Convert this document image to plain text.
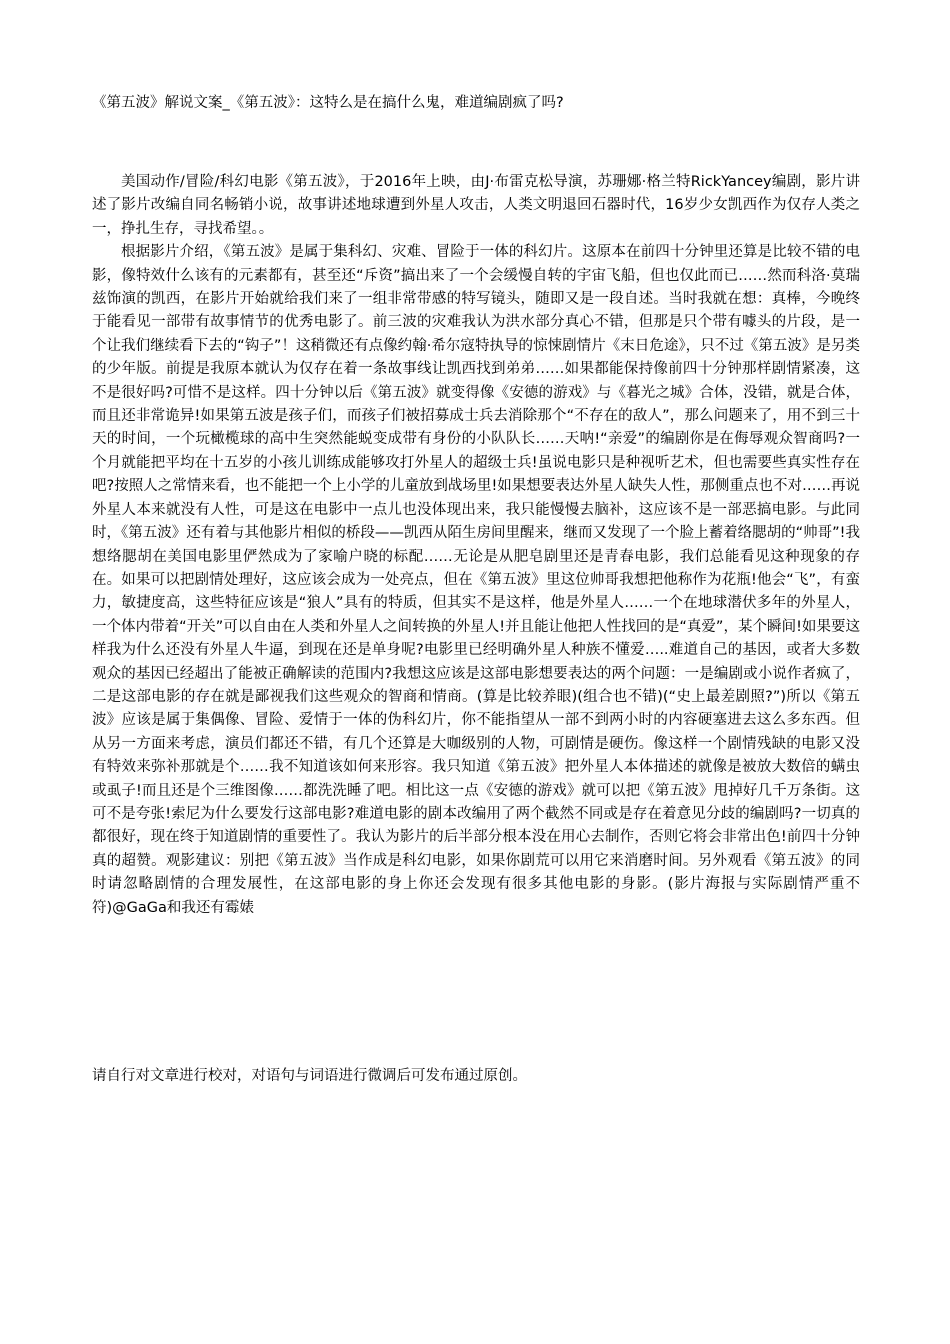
《第五波》解说文案_《第五波》：这特么是在搞什么鬼，难道编剧疯了吗?

美国动作/冒险/科幻电影《第五波》，于2016年上映，由J·布雷克松导演，苏珊娜·格兰特RickYancey编剧，影片讲述了影片改编自同名畅销小说，故事讲述地球遭到外星人攻击，人类文明退回石器时代，16岁少女凯西作为仅存人类之一，挣扎生存，寻找希望。。

根据影片介绍，《第五波》是属于集科幻、灾难、冒险于一体的科幻片。这原本在前四十分钟里还算是比较不错的电影，像特效什么该有的元素都有，甚至还“斥资”搞出来了一个会缓慢自转的宇宙飞船，但也仅此而已……然而科洛·莫瑞兹饰演的凯西，在影片开始就给我们来了一组非常带感的特写镜头，随即又是一段自述。当时我就在想：真棒，今晚终于能看见一部带有故事情节的优秀电影了。前三波的灾难我认为洪水部分真心不错，但那是只个带有噱头的片段，是一个让我们继续看下去的“钩子”！这稍微还有点像约翰·希尔寇特执导的惊悚剧情片《末日危途》，只不过《第五波》是另类的少年版。前提是我原本就认为仅存在着一条故事线让凯西找到弟弟……如果都能保持像前四十分钟那样剧情紧凑，这不是很好吗?可惜不是这样。四十分钟以后《第五波》就变得像《安德的游戏》与《暮光之城》合体，没错，就是合体，而且还非常诡异!如果第五波是孩子们，而孩子们被招募成士兵去消除那个“不存在的敌人”，那么问题来了，用不到三十天的时间，一个玩橄榄球的高中生突然能蜕变成带有身份的小队队长……天呐!“亲爱”的编剧你是在侮辱观众智商吗?一个月就能把平均在十五岁的小孩儿训练成能够攻打外星人的超级士兵!虽说电影只是种视听艺术，但也需要些真实性存在吧?按照人之常情来看，也不能把一个上小学的儿童放到战场里!如果想要表达外星人缺失人性，那侧重点也不对……再说外星人本来就没有人性，可是这在电影中一点儿也没体现出来，我只能慢慢去脑补，这应该不是一部恶搞电影。与此同时，《第五波》还有着与其他影片相似的桥段——凯西从陌生房间里醒来，继而又发现了一个脸上蓄着络腮胡的“帅哥”!我想络腮胡在美国电影里俨然成为了家喻户晓的标配……无论是从肥皂剧里还是青春电影，我们总能看见这种现象的存在。如果可以把剧情处理好，这应该会成为一处亮点，但在《第五波》里这位帅哥我想把他称作为花瓶!他会“飞”，有蛮力，敏捷度高，这些特征应该是“狼人”具有的特质，但其实不是这样，他是外星人……一个在地球潜伏多年的外星人，一个体内带着“开关”可以自由在人类和外星人之间转换的外星人!并且能让他把人性找回的是“真爱”，某个瞬间!如果要这样我为什么还没有外星人牛逼，到现在还是单身呢?电影里已经明确外星人种族不懂爱…..难道自己的基因，或者大多数观众的基因已经超出了能被正确解读的范围内?我想这应该是这部电影想要表达的两个问题：一是编剧或小说作者疯了，二是这部电影的存在就是鄙视我们这些观众的智商和情商。(算是比较养眼)(组合也不错)(“史上最差剧照?”)所以《第五波》应该是属于集偶像、冒险、爱情于一体的伪科幻片，你不能指望从一部不到两小时的内容硬塞进去这么多东西。但从另一方面来考虑，演员们都还不错，有几个还算是大咖级别的人物，可剧情是硬伤。像这样一个剧情残缺的电影又没有特效来弥补那就是个……我不知道该如何来形容。我只知道《第五波》把外星人本体描述的就像是被放大数倍的螨虫或虱子!而且还是个三维图像……都洗洗睡了吧。相比这一点《安德的游戏》就可以把《第五波》甩掉好几千万条街。这可不是夸张!索尼为什么要发行这部电影?难道电影的剧本改编用了两个截然不同或是存在着意见分歧的编剧吗?一切真的都很好，现在终于知道剧情的重要性了。我认为影片的后半部分根本没在用心去制作，否则它将会非常出色!前四十分钟真的超赞。观影建议：别把《第五波》当作成是科幻电影，如果你剧荒可以用它来消磨时间。另外观看《第五波》的同时请忽略剧情的合理发展性，在这部电影的身上你还会发现有很多其他电影的身影。(影片海报与实际剧情严重不符)@GaGa和我还有霉婊

请自行对文章进行校对，对语句与词语进行微调后可发布通过原创。
